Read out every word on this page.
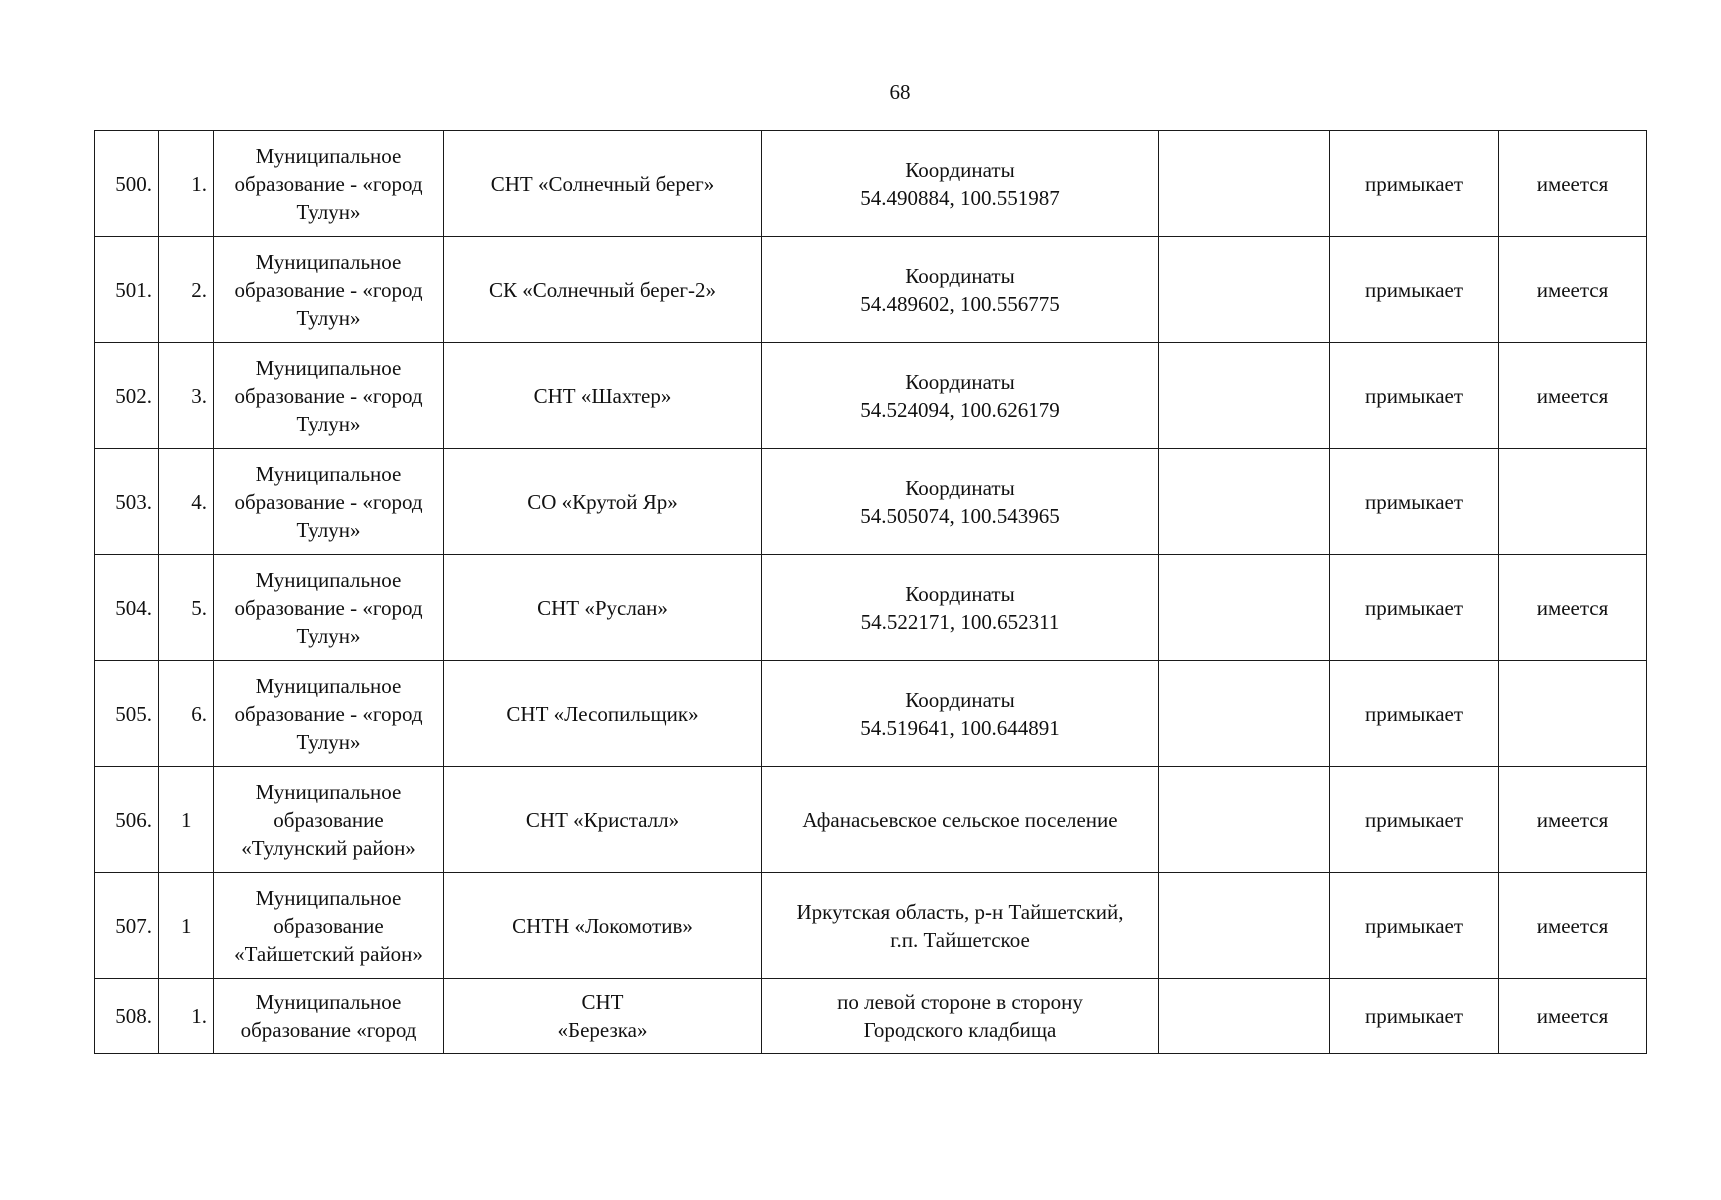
68
500.	1.	Муниципальное
образование - «город
Тулун»	СНТ «Солнечный берег»	Координаты
54.490884, 100.551987		примыкает	имеется
501.	2.	Муниципальное
образование - «город
Тулун»	СК «Солнечный берег-2»	Координаты
54.489602, 100.556775		примыкает	имеется
502.	3.	Муниципальное
образование - «город
Тулун»	СНТ «Шахтер»	Координаты
54.524094, 100.626179		примыкает	имеется
503.	4.	Муниципальное
образование - «город
Тулун»	СО «Крутой Яр»	Координаты
54.505074, 100.543965		примыкает	
504.	5.	Муниципальное
образование - «город
Тулун»	СНТ «Руслан»	Координаты
54.522171, 100.652311		примыкает	имеется
505.	6.	Муниципальное
образование - «город
Тулун»	СНТ «Лесопильщик»	Координаты
54.519641, 100.644891		примыкает	
506.	1	Муниципальное
образование
«Тулунский район»	СНТ «Кристалл»	Афанасьевское сельское поселение		примыкает	имеется
507.	1	Муниципальное
образование
«Тайшетский район»	СНТН «Локомотив»	Иркутская область, р-н Тайшетский,
г.п. Тайшетское		примыкает	имеется
508.	1.	Муниципальное
образование «город	СНТ
«Березка»	по левой стороне в сторону
Городского кладбища		примыкает	имеется
